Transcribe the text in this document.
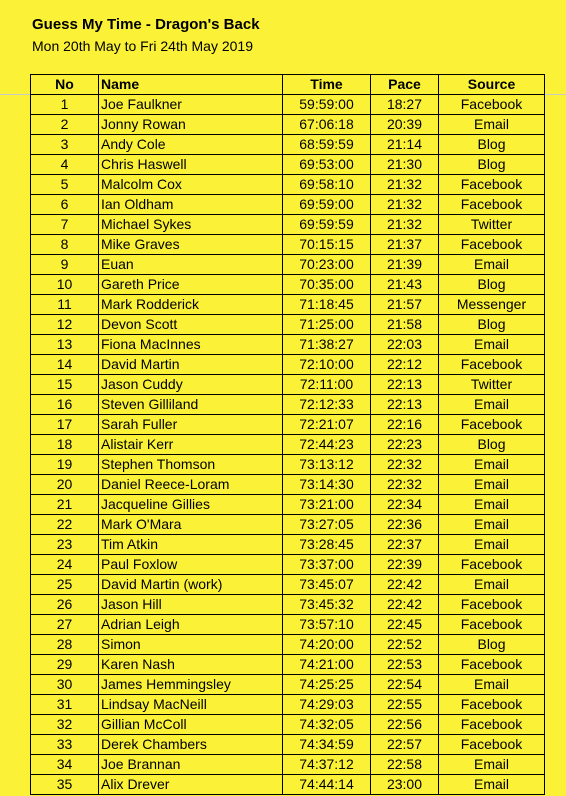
Guess My Time - Dragon's Back
Mon 20th May to Fri 24th May 2019
No	Name	Time	Pace	Source
1	Joe Faulkner	59:59:00	18:27	Facebook
2	Jonny Rowan	67:06:18	20:39	Email
3	Andy Cole	68:59:59	21:14	Blog
4	Chris Haswell	69:53:00	21:30	Blog
5	Malcolm Cox	69:58:10	21:32	Facebook
6	Ian Oldham	69:59:00	21:32	Facebook
7	Michael Sykes	69:59:59	21:32	Twitter
8	Mike Graves	70:15:15	21:37	Facebook
9	Euan	70:23:00	21:39	Email
10	Gareth Price	70:35:00	21:43	Blog
11	Mark Rodderick	71:18:45	21:57	Messenger
12	Devon Scott	71:25:00	21:58	Blog
13	Fiona MacInnes	71:38:27	22:03	Email
14	David Martin	72:10:00	22:12	Facebook
15	Jason Cuddy	72:11:00	22:13	Twitter
16	Steven Gilliland	72:12:33	22:13	Email
17	Sarah Fuller	72:21:07	22:16	Facebook
18	Alistair Kerr	72:44:23	22:23	Blog
19	Stephen Thomson	73:13:12	22:32	Email
20	Daniel Reece-Loram	73:14:30	22:32	Email
21	Jacqueline Gillies	73:21:00	22:34	Email
22	Mark O'Mara	73:27:05	22:36	Email
23	Tim Atkin	73:28:45	22:37	Email
24	Paul Foxlow	73:37:00	22:39	Facebook
25	David Martin (work)	73:45:07	22:42	Email
26	Jason Hill	73:45:32	22:42	Facebook
27	Adrian Leigh	73:57:10	22:45	Facebook
28	Simon	74:20:00	22:52	Blog
29	Karen Nash	74:21:00	22:53	Facebook
30	James Hemmingsley	74:25:25	22:54	Email
31	Lindsay MacNeill	74:29:03	22:55	Facebook
32	Gillian McColl	74:32:05	22:56	Facebook
33	Derek Chambers	74:34:59	22:57	Facebook
34	Joe Brannan	74:37:12	22:58	Email
35	Alix Drever	74:44:14	23:00	Email
